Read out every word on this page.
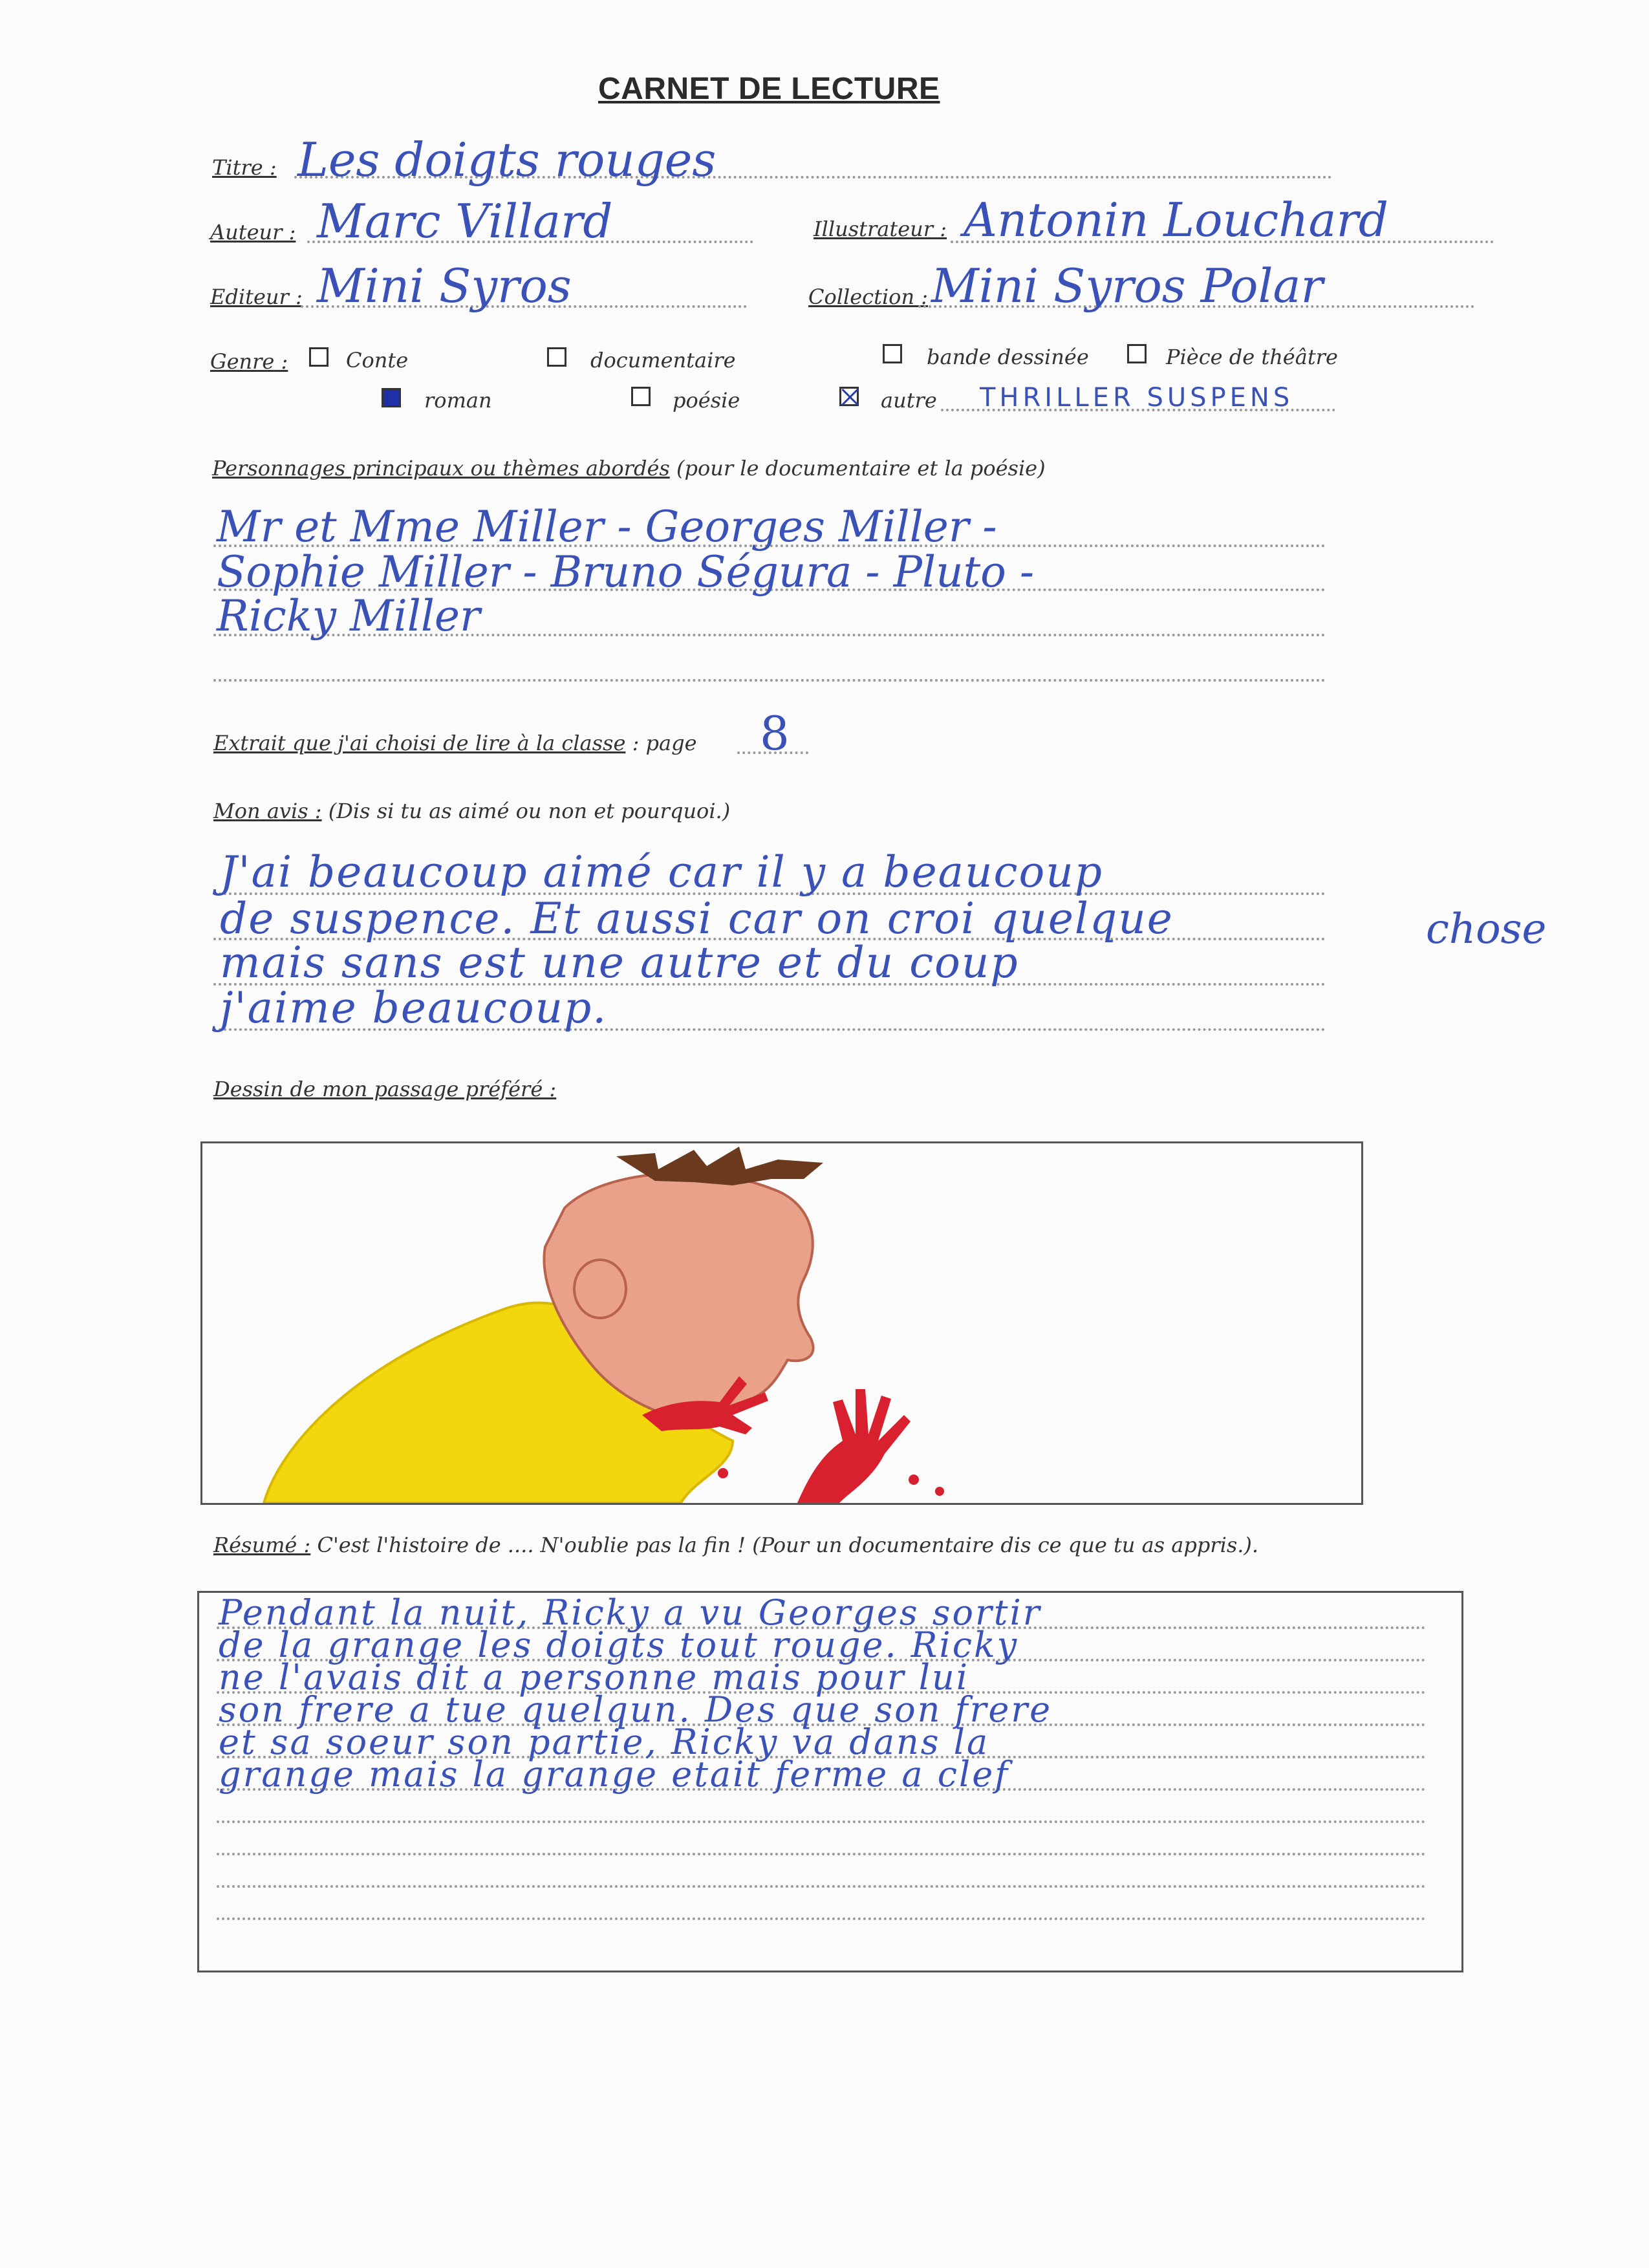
CARNET DE LECTURE
Titre : Les doigts rouges
Auteur : Marc Villard	Illustrateur : Antonin Louchard
Editeur : Mini Syros	Collection : Mini Syros Polar
Genre :	Conte	documentaire	bande dessinée	Pièce de théâtre
roman	poésie	autre THRILLER SUSPENS
Personnages principaux ou thèmes abordés (pour le documentaire et la poésie)
Mr et Mme Miller - Georges Miller -
Sophie Miller - Bruno Ségura - Pluto -
Ricky Miller
Extrait que j'ai choisi de lire à la classe : page 8
Mon avis : (Dis si tu as aimé ou non et pourquoi.)
J'ai beaucoup aimé car il y a beaucoup
de suspence. Et aussi car on croi quelque
mais sans est une autre et du coup
j'aime beaucoup.
chose
Dessin de mon passage préféré :
Résumé : C'est l'histoire de .... N'oublie pas la fin ! (Pour un documentaire dis ce que tu as appris.).
Pendant la nuit, Ricky a vu Georges sortir
de la grange les doigts tout rouge. Ricky
ne l'avais dit a personne mais pour lui
son frere a tue quelqun. Des que son frere
et sa soeur son partie, Ricky va dans la
grange mais la grange etait ferme a clef
